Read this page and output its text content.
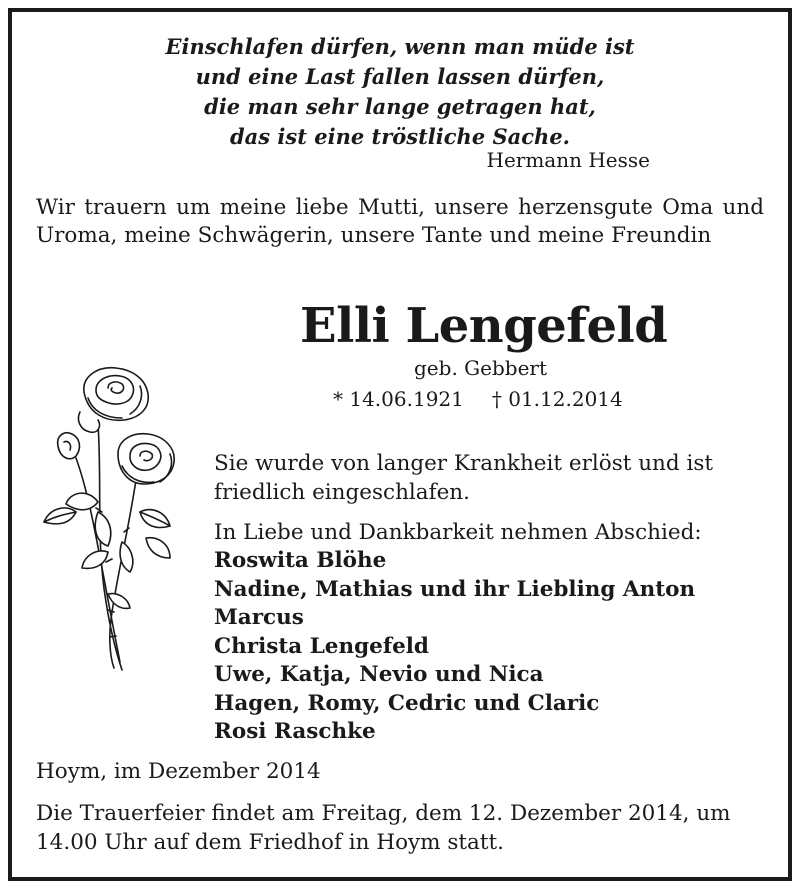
Einschlafen dürfen, wenn man müde ist
und eine Last fallen lassen dürfen,
die man sehr lange getragen hat,
das ist eine tröstliche Sache.
Hermann Hesse
Wir trauern um meine liebe Mutti, unsere herzensgute Oma und Uroma, meine Schwägerin, unsere Tante und meine Freundin
Elli Lengefeld
geb. Gebbert
* 14.06.1921 † 01.12.2014
Sie wurde von langer Krankheit erlöst und ist friedlich eingeschlafen.
In Liebe und Dankbarkeit nehmen Abschied:
Roswita Blöhe
Nadine, Mathias und ihr Liebling Anton
Marcus
Christa Lengefeld
Uwe, Katja, Nevio und Nica
Hagen, Romy, Cedric und Claric
Rosi Raschke
Hoym, im Dezember 2014
Die Trauerfeier findet am Freitag, dem 12. Dezember 2014, um 14.00 Uhr auf dem Friedhof in Hoym statt.
